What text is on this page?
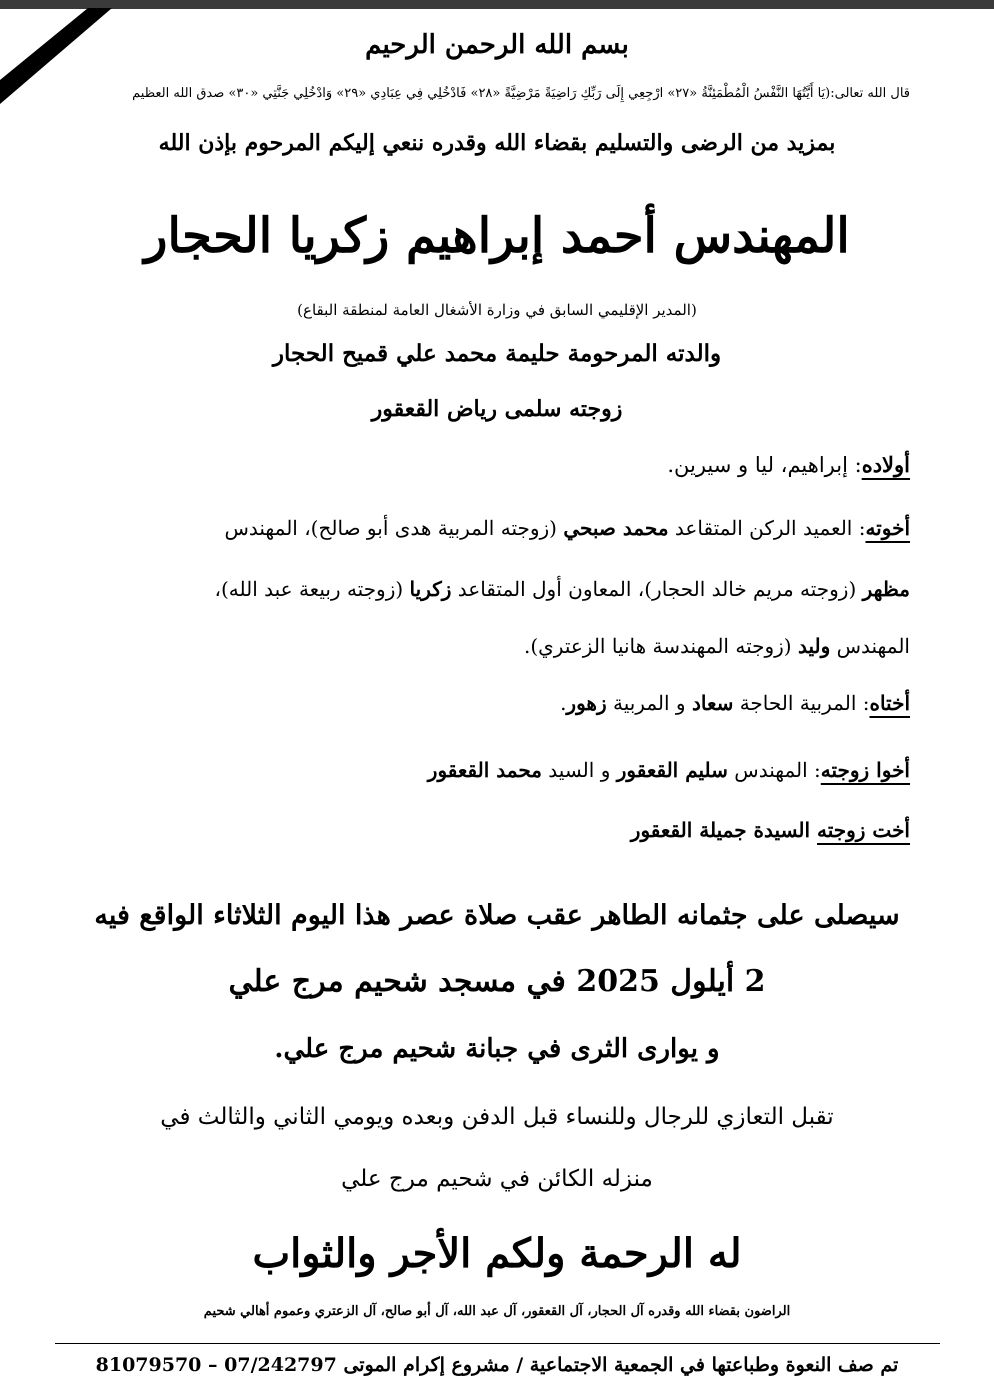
بسم الله الرحمن الرحيم
قال الله تعالى:(يَا أَيَّتُهَا النَّفْسُ الْمُطْمَئِنَّةُ «٢٧» ارْجِعِي إِلَى رَبِّكِ رَاضِيَةً مَرْضِيَّةً «٢٨» فَادْخُلِي فِي عِبَادِي «٢٩» وَادْخُلِي جَنَّتِي «٣٠» صدق الله العظيم
بمزيد من الرضى والتسليم بقضاء الله وقدره ننعي إليكم المرحوم بإذن الله
المهندس أحمد إبراهيم زكريا الحجار
(المدير الإقليمي السابق في وزارة الأشغال العامة لمنطقة البقاع)
والدته المرحومة حليمة محمد علي قميح الحجار
زوجته سلمى رياض القعقور
أولاده: إبراهيم، ليا و سيرين.
أخوته: العميد الركن المتقاعد محمد صبحي (زوجته المربية هدى أبو صالح)، المهندس
مظهر (زوجته مريم خالد الحجار)، المعاون أول المتقاعد زكريا (زوجته ربيعة عبد الله)،
المهندس وليد (زوجته المهندسة هانيا الزعتري).
أختاه: المربية الحاجة سعاد و المربية زهور.
أخوا زوجته: المهندس سليم القعقور و السيد محمد القعقور
أخت زوجته السيدة جميلة القعقور
سيصلى على جثمانه الطاهر عقب صلاة عصر هذا اليوم الثلاثاء الواقع فيه
2 أيلول 2025 في مسجد شحيم مرج علي
و يوارى الثرى في جبانة شحيم مرج علي.
تقبل التعازي للرجال وللنساء قبل الدفن وبعده ويومي الثاني والثالث في
منزله الكائن في شحيم مرج علي
له الرحمة ولكم الأجر والثواب
الراضون بقضاء الله وقدره آل الحجار، آل القعقور، آل عبد الله، آل أبو صالح، آل الزعتري وعموم أهالي شحيم
تم صف النعوة وطباعتها في الجمعية الاجتماعية / مشروع إكرام الموتى 07/242797 – 81079570
